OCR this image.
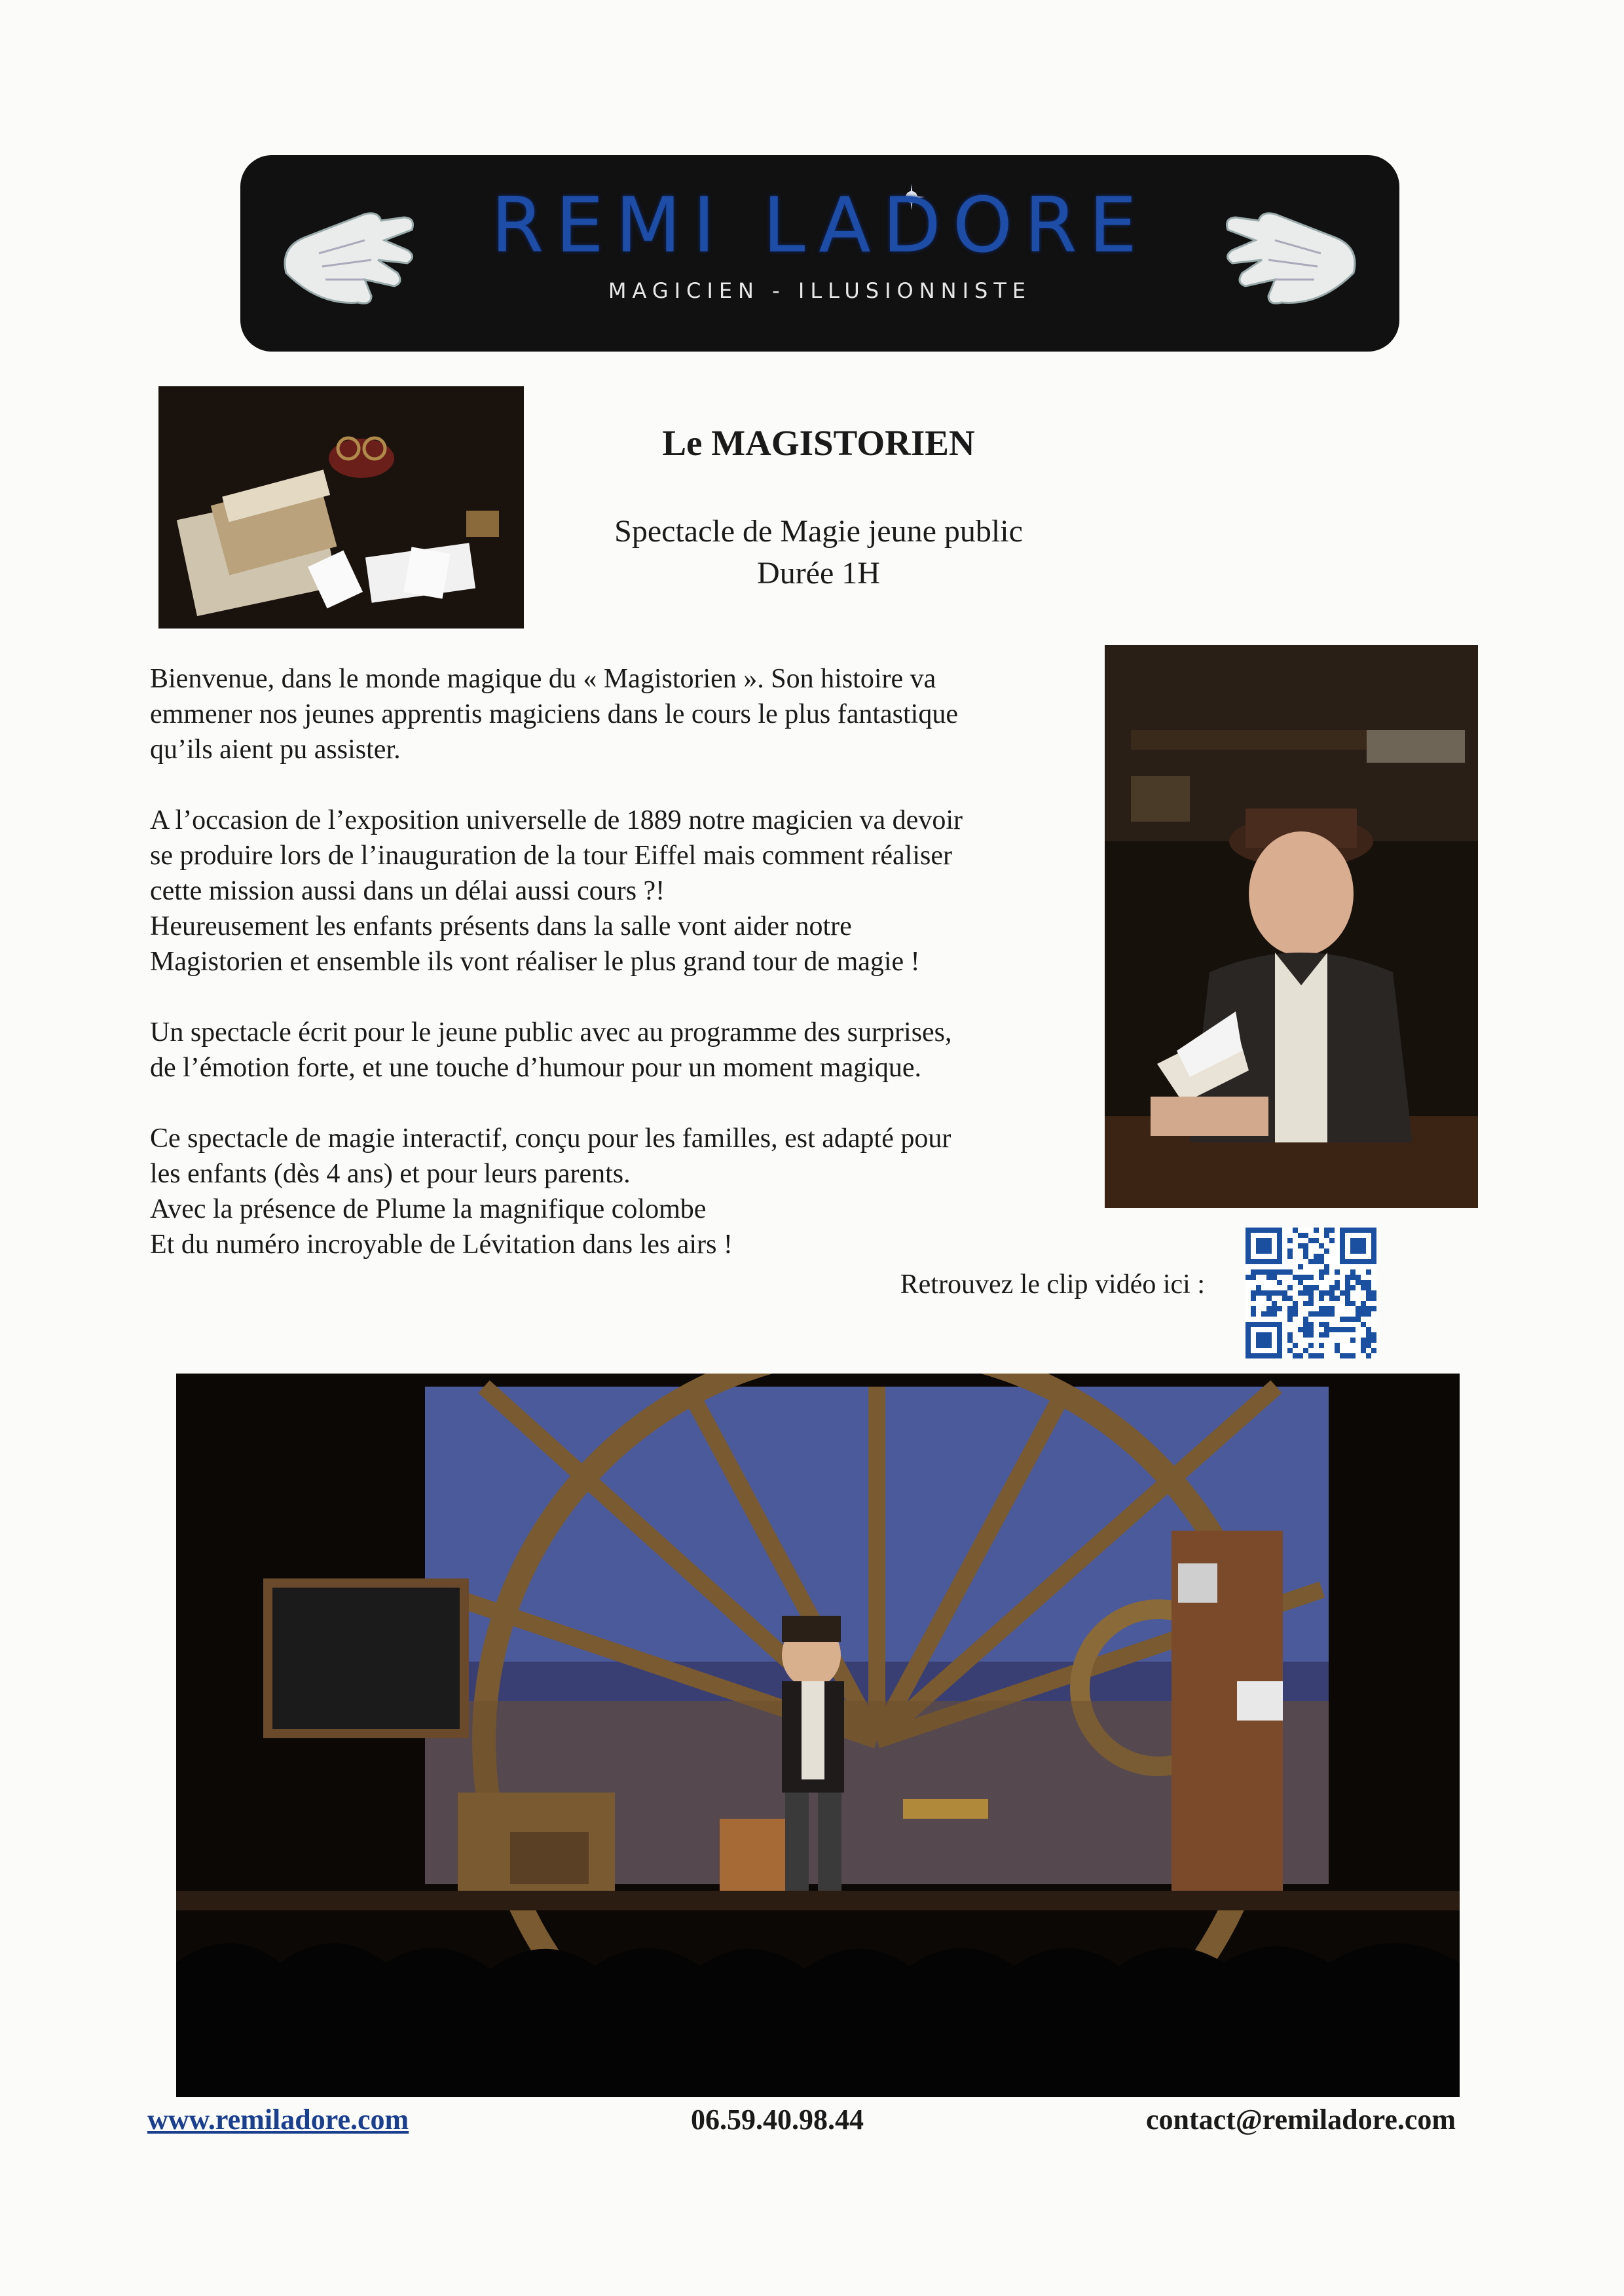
REMI LADORE
MAGICIEN - ILLUSIONNISTE
Le MAGISTORIEN
Spectacle de Magie jeune public
Durée 1H

Bienvenue, dans le monde magique du « Magistorien ». Son histoire va
emmener nos jeunes apprentis magiciens dans le cours le plus fantastique
qu’ils aient pu assister.

A l’occasion de l’exposition universelle de 1889 notre magicien va devoir
se produire lors de l’inauguration de la tour Eiffel mais comment réaliser
cette mission aussi dans un délai aussi cours ?!
Heureusement les enfants présents dans la salle vont aider notre
Magistorien et ensemble ils vont réaliser le plus grand tour de magie !

Un spectacle écrit pour le jeune public avec au programme des surprises,
de l’émotion forte, et une touche d’humour pour un moment magique.

Ce spectacle de magie interactif, conçu pour les familles, est adapté pour
les enfants (dès 4 ans) et pour leurs parents.
Avec la présence de Plume la magnifique colombe
Et du numéro incroyable de Lévitation dans les airs !

Retrouvez le clip vidéo ici :
www.remiladore.com	06.59.40.98.44	contact@remiladore.com
